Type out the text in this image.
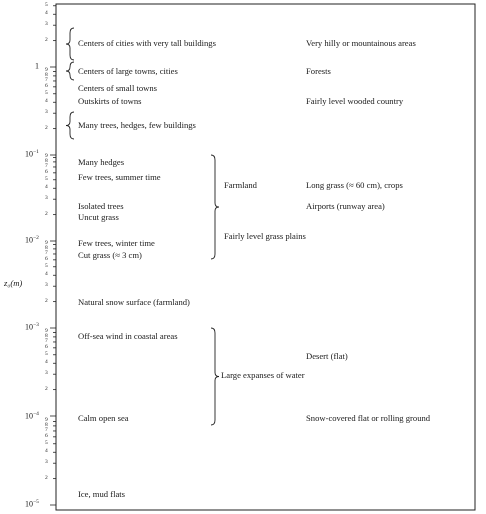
z₀(m)
1
$10^{-1}$
$10^{-2}$
$10^{-3}$
$10^{-4}$
$10^{-5}$
Centers of cities with very tall buildings
Centers of large towns, cities
Centers of small towns
Outskirts of towns
Many trees, hedges, few buildings
Many hedges
Few trees, summer time
Isolated trees
Uncut grass
Few trees, winter time
Cut grass (≈ 3 cm)
Natural snow surface (farmland)
Off-sea wind in coastal areas
Calm open sea
Ice, mud flats
Farmland
Fairly level grass plains
Large expanses of water
Very hilly or mountainous areas
Forests
Fairly level wooded country
Long grass (≈ 60 cm), crops
Airports (runway area)
Desert (flat)
Snow-covered flat or rolling ground
2
3
4
5
6
7
8
9
2
3
4
5
6
7
8
9
2
3
4
5
6
7
8
9
2
3
4
5
6
7
8
9
2
3
4
5
6
7
8
9
2
3
4
5
